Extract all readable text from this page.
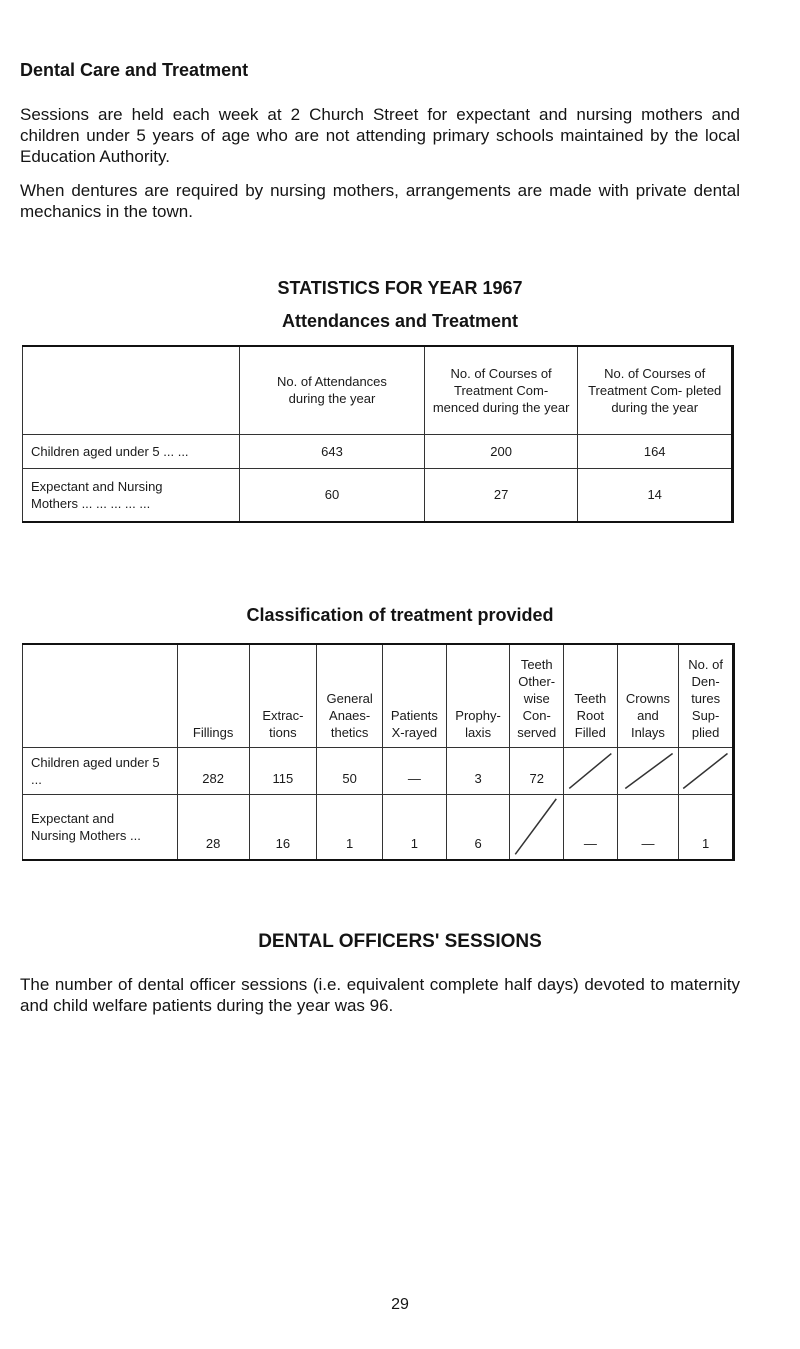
Dental Care and Treatment

Sessions are held each week at 2 Church Street for expectant and nursing mothers and children under 5 years of age who are not attending primary schools maintained by the local Education Authority.

When dentures are required by nursing mothers, arrangements are made with private dental mechanics in the town.

STATISTICS FOR YEAR 1967
Attendances and Treatment
	No. of Attendances during the year	No. of Courses of Treatment Com- menced during the year	No. of Courses of Treatment Com- pleted during the year
Children aged under 5 ... ...	643	200	164
Expectant and Nursing Mothers ... ... ... ... ...	60	27	14
Classification of treatment provided
	Fillings	Extrac- tions	General Anaes- thetics	Patients X-rayed	Prophy- laxis	Teeth Other- wise Con- served	Teeth Root Filled	Crowns and Inlays	No. of Den- tures Sup- plied
Children aged under 5 ...	282	115	50	—	3	72	

Expectant and Nursing Mothers ...	28	16	1	1	6		—	—	1
DENTAL OFFICERS' SESSIONS

The number of dental officer sessions (i.e. equivalent complete half days) devoted to maternity and child welfare patients during the year was 96.

29
